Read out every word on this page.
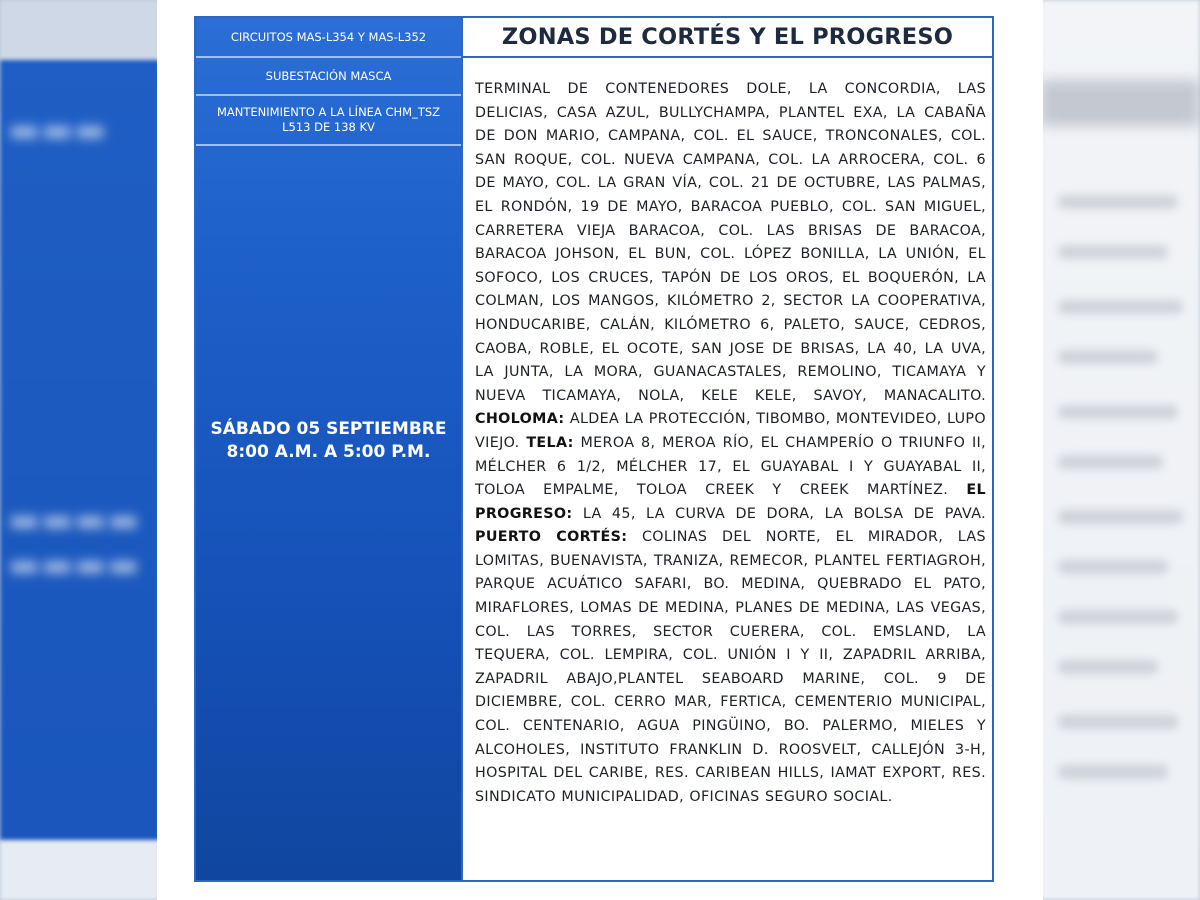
▬▬▬
▬▬▬▬
▬▬▬▬
CIRCUITOS MAS-L354 Y MAS-L352
SUBESTACIÓN MASCA
MANTENIMIENTO A LA LÍNEA CHM_TSZ L513 DE 138 KV
SÁBADO 05 SEPTIEMBRE
8:00 A.M. A 5:00 P.M.
ZONAS DE CORTÉS Y EL PROGRESO
TERMINAL DE CONTENEDORES DOLE, LA CONCORDIA, LAS DELICIAS, CASA AZUL, BULLYCHAMPA, PLANTEL EXA, LA CABAÑA DE DON MARIO, CAMPANA, COL. EL SAUCE, TRONCONALES, COL. SAN ROQUE, COL. NUEVA CAMPANA, COL. LA ARROCERA, COL. 6 DE MAYO, COL. LA GRAN VÍA, COL. 21 DE OCTUBRE, LAS PALMAS, EL RONDÓN, 19 DE MAYO, BARACOA PUEBLO, COL. SAN MIGUEL, CARRETERA VIEJA BARACOA, COL. LAS BRISAS DE BARACOA, BARACOA JOHSON, EL BUN, COL. LÓPEZ BONILLA, LA UNIÓN, EL SOFOCO, LOS CRUCES, TAPÓN DE LOS OROS, EL BOQUERÓN, LA COLMAN, LOS MANGOS, KILÓMETRO 2, SECTOR LA COOPERATIVA, HONDUCARIBE, CALÁN, KILÓMETRO 6, PALETO, SAUCE, CEDROS, CAOBA, ROBLE, EL OCOTE, SAN JOSE DE BRISAS, LA 40, LA UVA, LA JUNTA, LA MORA, GUANACASTALES, REMOLINO, TICAMAYA Y NUEVA TICAMAYA, NOLA, KELE KELE, SAVOY, MANACALITO. CHOLOMA: ALDEA LA PROTECCIÓN, TIBOMBO, MONTEVIDEO, LUPO VIEJO. TELA: MEROA 8, MEROA RÍO, EL CHAMPERÍO O TRIUNFO II, MÉLCHER 6 1/2, MÉLCHER 17, EL GUAYABAL I Y GUAYABAL II, TOLOA EMPALME, TOLOA CREEK Y CREEK MARTÍNEZ. EL PROGRESO: LA 45, LA CURVA DE DORA, LA BOLSA DE PAVA. PUERTO CORTÉS: COLINAS DEL NORTE, EL MIRADOR, LAS LOMITAS, BUENAVISTA, TRANIZA, REMECOR, PLANTEL FERTIAGROH, PARQUE ACUÁTICO SAFARI, BO. MEDINA, QUEBRADO EL PATO, MIRAFLORES, LOMAS DE MEDINA, PLANES DE MEDINA, LAS VEGAS, COL. LAS TORRES, SECTOR CUERERA, COL. EMSLAND, LA TEQUERA, COL. LEMPIRA, COL. UNIÓN I Y II, ZAPADRIL ARRIBA, ZAPADRIL ABAJO,PLANTEL SEABOARD MARINE, COL. 9 DE DICIEMBRE, COL. CERRO MAR, FERTICA, CEMENTERIO MUNICIPAL, COL. CENTENARIO, AGUA PINGÜINO, BO. PALERMO, MIELES Y ALCOHOLES, INSTITUTO FRANKLIN D. ROOSVELT, CALLEJÓN 3-H, HOSPITAL DEL CARIBE, RES. CARIBEAN HILLS, IAMAT EXPORT, RES. SINDICATO MUNICIPALIDAD, OFICINAS SEGURO SOCIAL.
